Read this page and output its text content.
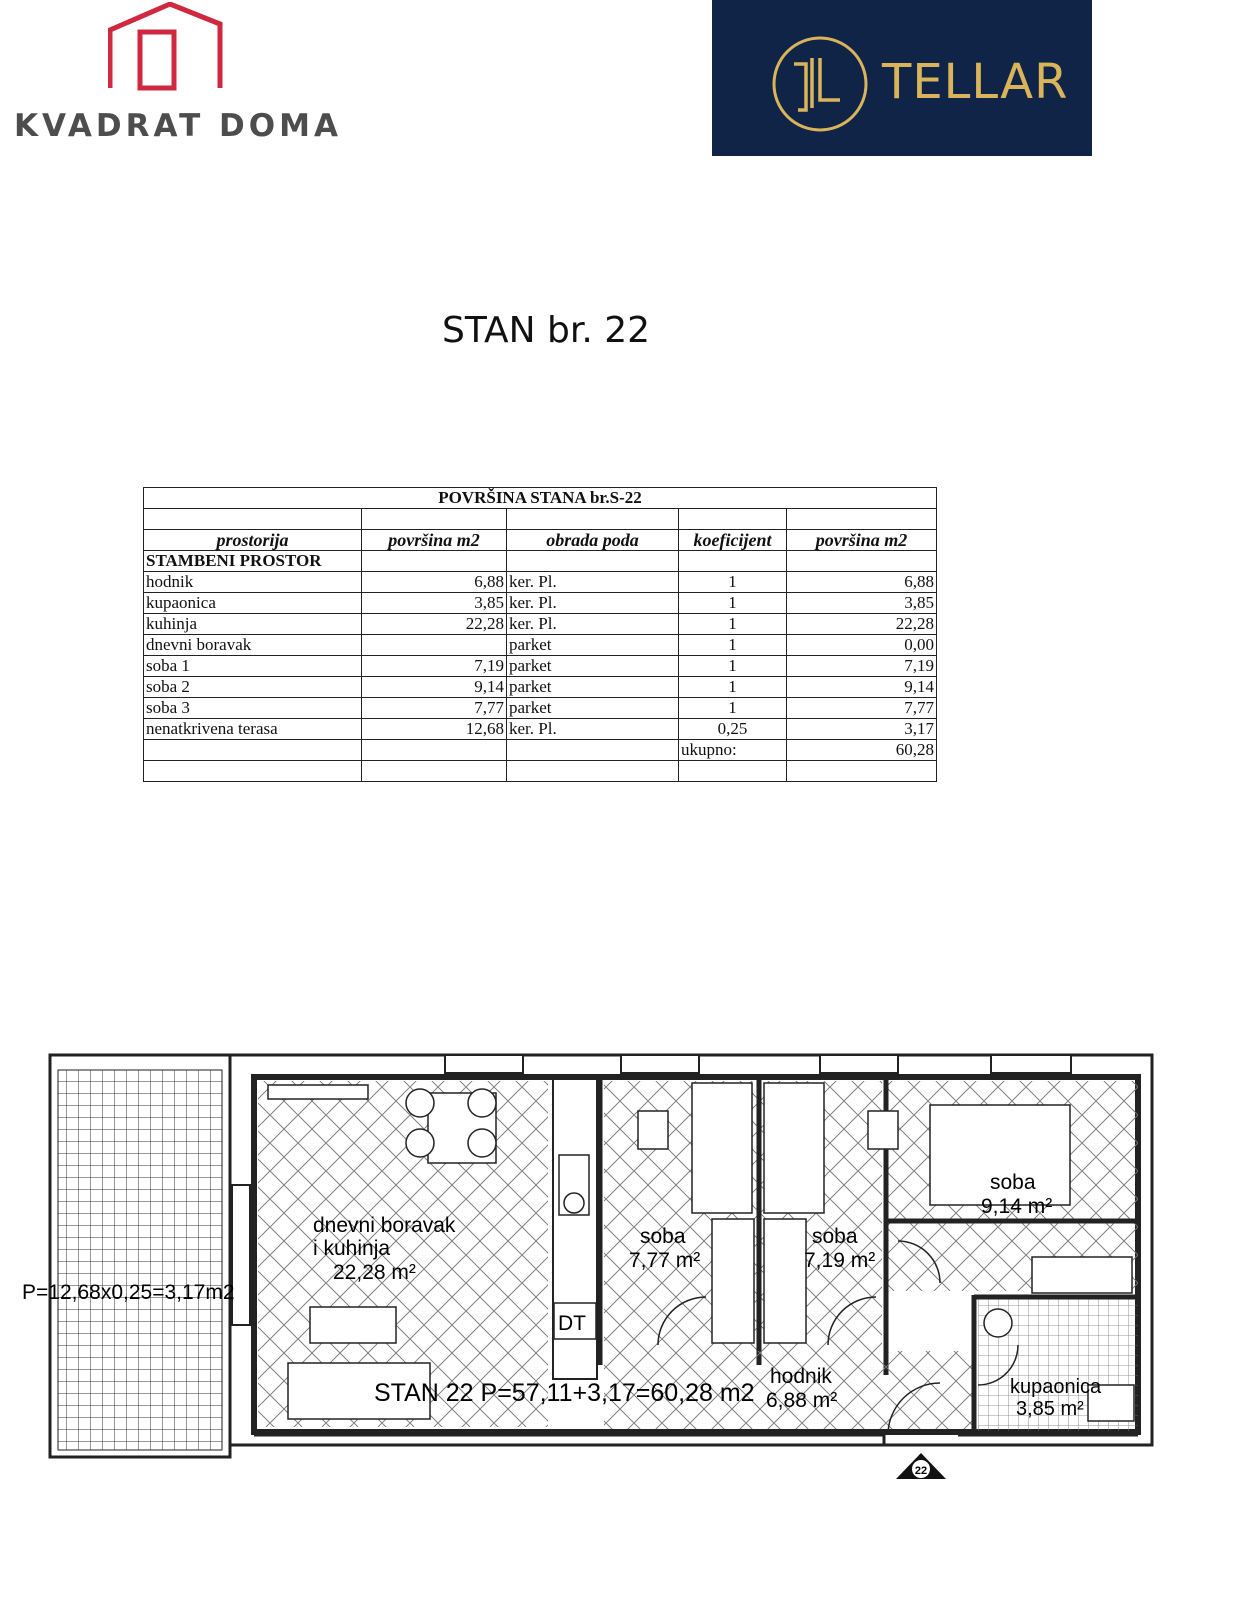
KVADRAT DOMA
TELLAR
STAN br. 22
POVRŠINA STANA br.S-22				

prostorija	površina m2	obrada poda	koeficijent	površina m2
STAMBENI PROSTOR				
hodnik	6,88	ker. Pl.	1	6,88
kupaonica	3,85	ker. Pl.	1	3,85
kuhinja	22,28	ker. Pl.	1	22,28
dnevni boravak		parket	1	0,00
soba 1	7,19	parket	1	7,19
soba 2	9,14	parket	1	9,14
soba 3	7,77	parket	1	7,77
nenatkrivena terasa	12,68	ker. Pl.	0,25	3,17
			ukupno:	60,28

P=12,68x0,25=3,17m2
dnevni boravak
i kuhinja
22,28 m²
soba
7,77 m²
soba
7,19 m²
soba
9,14 m²
hodnik
6,88 m²
kupaonica
3,85 m²
DT
STAN 22 P=57,11+3,17=60,28 m2
22
